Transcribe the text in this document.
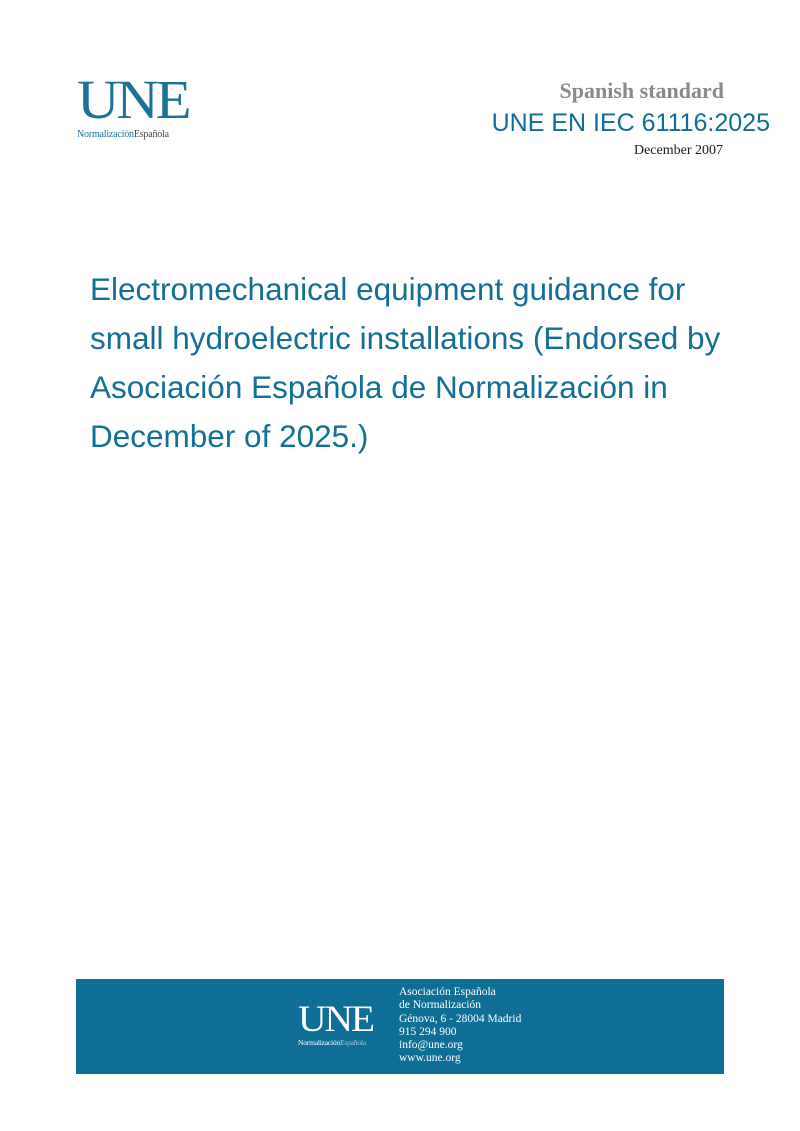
UNE
NormalizaciónEspañola
Spanish standard
UNE EN IEC 61116:2025
December 2007
Electromechanical equipment guidance for small hydroelectric installations (Endorsed by Asociación Española de Normalización in December of 2025.)
UNE
NormalizaciónEspañola
Asociación Española
de Normalización
Génova, 6 - 28004 Madrid
915 294 900
info@une.org
www.une.org
